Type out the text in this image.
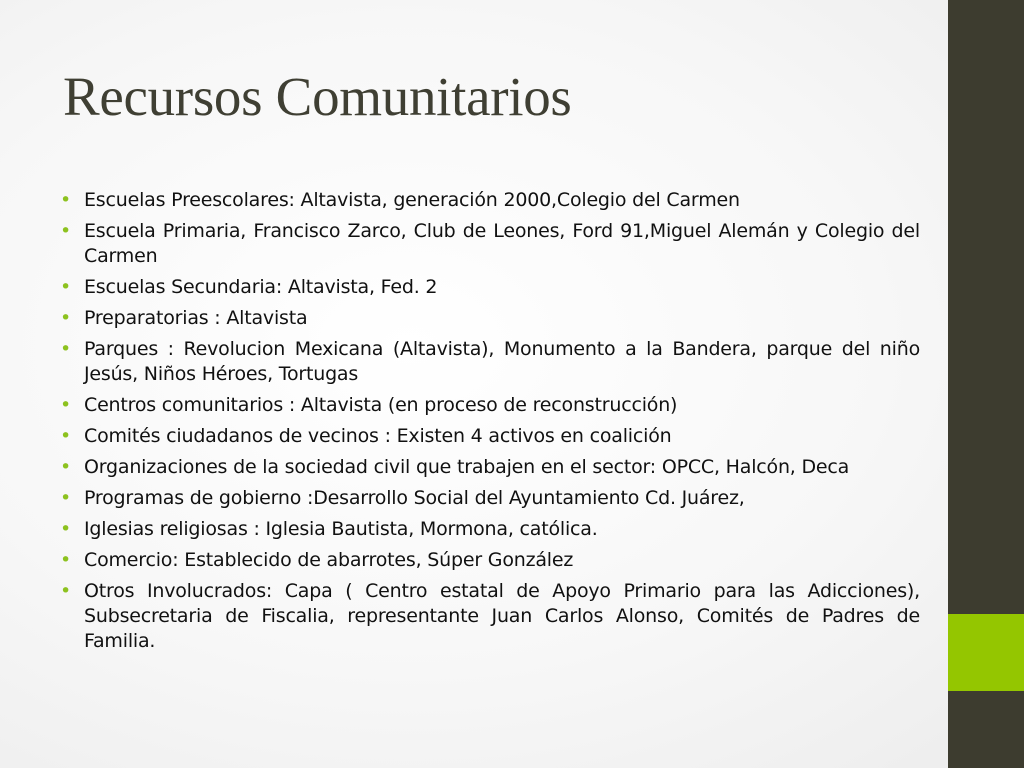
Recursos Comunitarios
• Escuelas Preescolares: Altavista, generación 2000,Colegio del Carmen
• Escuela Primaria, Francisco Zarco, Club de Leones, Ford 91,Miguel Alemán y Colegio del Carmen
• Escuelas Secundaria: Altavista, Fed. 2
• Preparatorias : Altavista
• Parques : Revolucion Mexicana (Altavista), Monumento a la Bandera, parque del niño Jesús, Niños Héroes, Tortugas
• Centros comunitarios : Altavista (en proceso de reconstrucción)
• Comités ciudadanos de vecinos : Existen 4 activos en coalición
• Organizaciones de la sociedad civil que trabajen en el sector: OPCC, Halcón, Deca
• Programas de gobierno :Desarrollo Social del Ayuntamiento Cd. Juárez,
• Iglesias religiosas : Iglesia Bautista, Mormona, católica.
• Comercio: Establecido de abarrotes, Súper González
• Otros Involucrados: Capa ( Centro estatal de Apoyo Primario para las Adicciones), Subsecretaria de Fiscalia, representante Juan Carlos Alonso, Comités de Padres de Familia.
